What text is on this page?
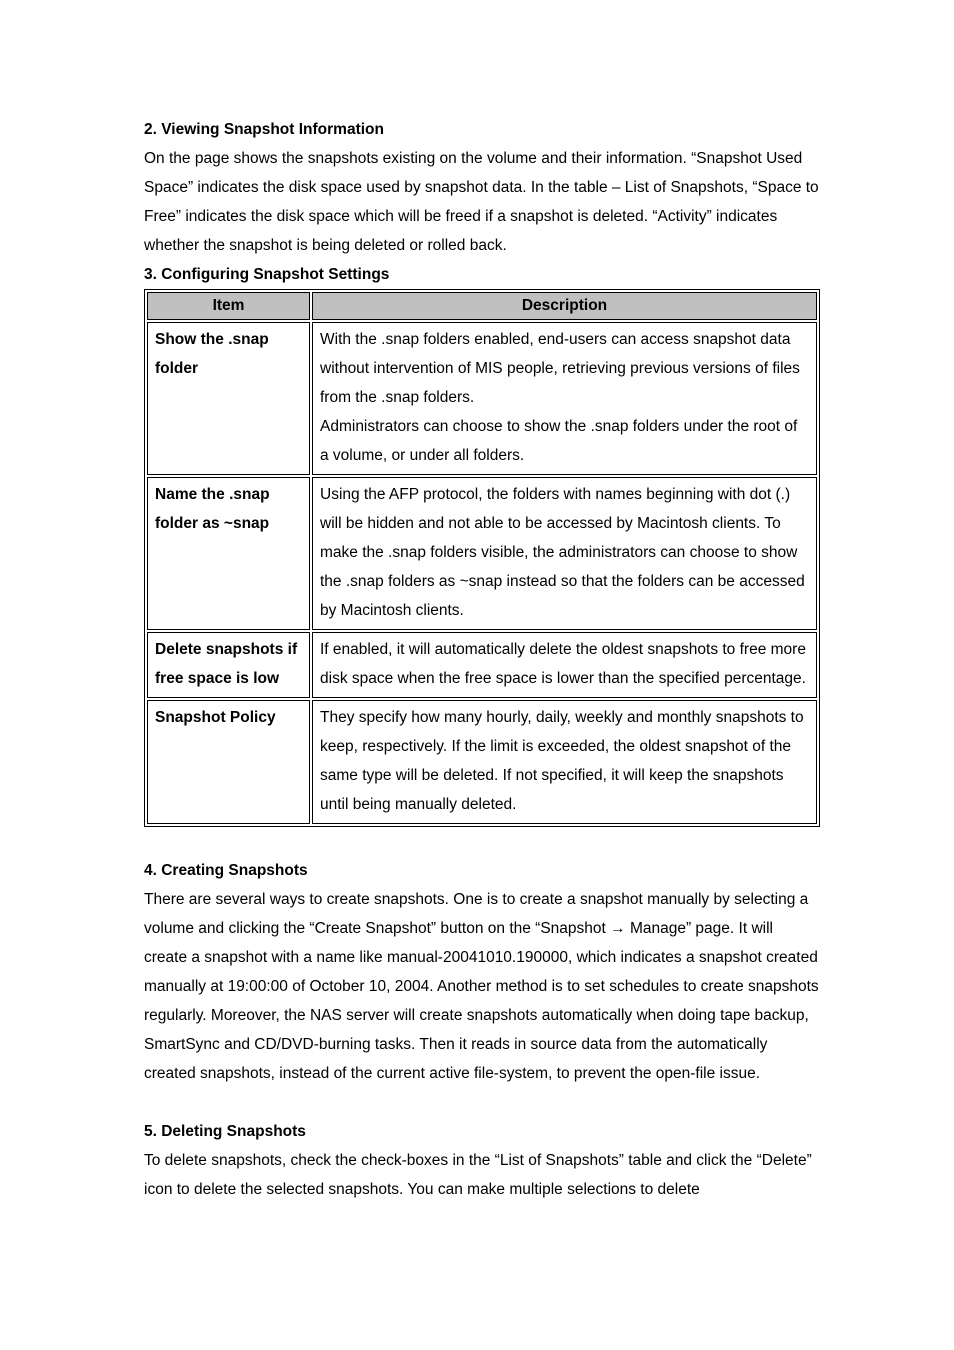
2. Viewing Snapshot Information

On the page shows the snapshots existing on the volume and their information. “Snapshot Used Space” indicates the disk space used by snapshot data. In the table – List of Snapshots, “Space to Free” indicates the disk space which will be freed if a snapshot is deleted. “Activity” indicates whether the snapshot is being deleted or rolled back.

3. Configuring Snapshot Settings

Item	Description
Show the .snap folder	With the .snap folders enabled, end-users can access snapshot data without intervention of MIS people, retrieving previous versions of files from the .snap folders.
Administrators can choose to show the .snap folders under the root of a volume, or under all folders.

Name the .snap folder as ~snap	Using the AFP protocol, the folders with names beginning with dot (.) will be hidden and not able to be accessed by Macintosh clients. To make the .snap folders visible, the administrators can choose to show the .snap folders as ~snap instead so that the folders can be accessed by Macintosh clients.

Delete snapshots if free space is low	If enabled, it will automatically delete the oldest snapshots to free more disk space when the free space is lower than the specified percentage.

Snapshot Policy	They specify how many hourly, daily, weekly and monthly snapshots to keep, respectively. If the limit is exceeded, the oldest snapshot of the same type will be deleted. If not specified, it will keep the snapshots until being manually deleted.

4. Creating Snapshots

There are several ways to create snapshots. One is to create a snapshot manually by selecting a volume and clicking the “Create Snapshot” button on the “Snapshot → Manage” page. It will create a snapshot with a name like manual-20041010.190000, which indicates a snapshot created manually at 19:00:00 of October 10, 2004. Another method is to set schedules to create snapshots regularly. Moreover, the NAS server will create snapshots automatically when doing tape backup, SmartSync and CD/DVD-burning tasks. Then it reads in source data from the automatically created snapshots, instead of the current active file-system, to prevent the open-file issue.

5. Deleting Snapshots

To delete snapshots, check the check-boxes in the “List of Snapshots” table and click the “Delete” icon to delete the selected snapshots. You can make multiple selections to delete
